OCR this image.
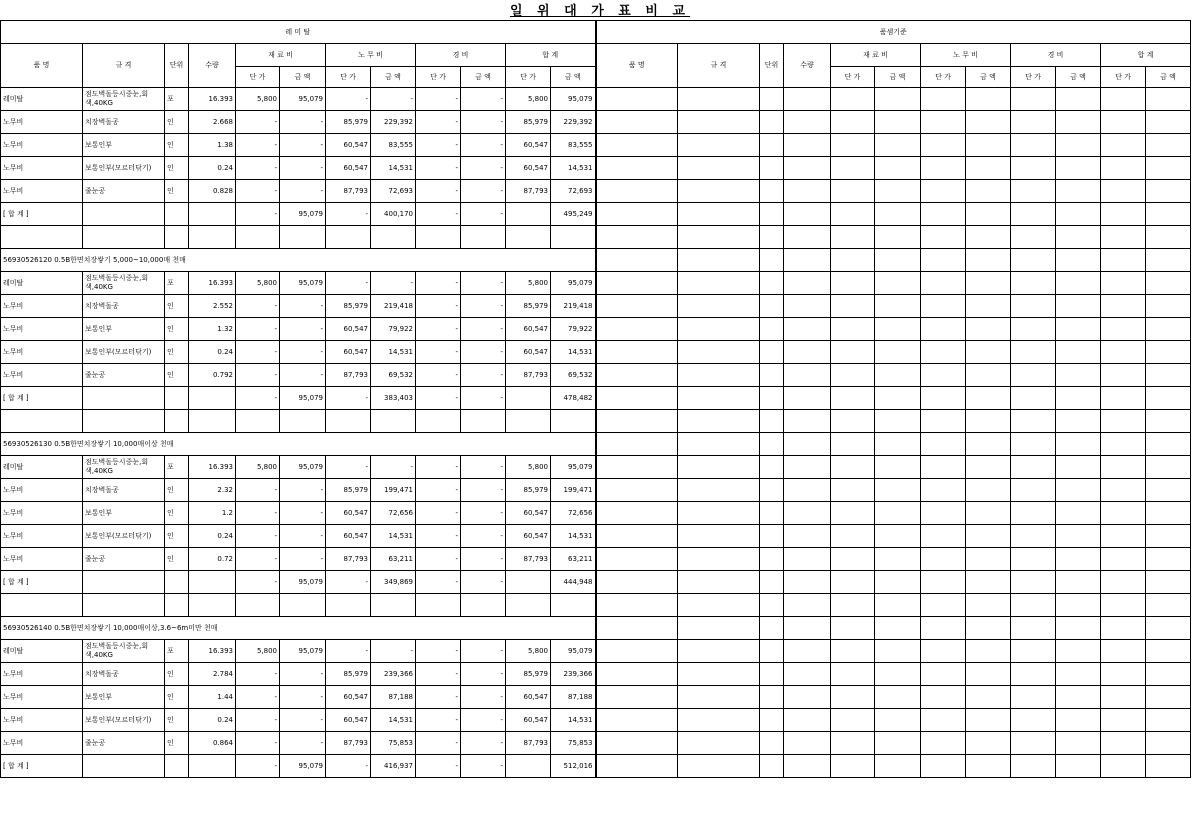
일 위 대 가 표 비 교
레 미 탈												품셈기준											
품 명	규 격	단위	수량	재 료 비		노 무 비		경 비		합 계		품 명	규 격	단위	수량	재 료 비		노 무 비		경 비		합 계	
				단 가	금 액	단 가	금 액	단 가	금 액	단 가	금 액					단 가	금 액	단 가	금 액	단 가	금 액	단 가	금 액
레미탈	점도벽돌등시중눈,회색,40KG	포	16.393	5,800	95,079	-	-	-	-	5,800	95,079												
노무비	치장벽돌공	인	2.668	-	-	85,979	229,392	-	-	85,979	229,392												
노무비	보통인부	인	1.38	-	-	60,547	83,555	-	-	60,547	83,555												
노무비	보통인부(모르터닦기)	인	0.24	-	-	60,547	14,531	-	-	60,547	14,531												
노무비	줄눈공	인	0.828	-	-	87,793	72,693	-	-	87,793	72,693												
[ 합 계 ]				-	95,079	-	400,170	-	-		495,249												

56930526120 0.5B한면치장쌓기 5,000~10,000매 천매																							
레미탈	점도벽돌등시중눈,회색,40KG	포	16.393	5,800	95,079	-	-	-	-	5,800	95,079												
노무비	치장벽돌공	인	2.552	-	-	85,979	219,418	-	-	85,979	219,418												
노무비	보통인부	인	1.32	-	-	60,547	79,922	-	-	60,547	79,922												
노무비	보통인부(모르터닦기)	인	0.24	-	-	60,547	14,531	-	-	60,547	14,531												
노무비	줄눈공	인	0.792	-	-	87,793	69,532	-	-	87,793	69,532												
[ 합 계 ]				-	95,079	-	383,403	-	-		478,482												

56930526130 0.5B한면치장쌓기 10,000매이상 천매																							
레미탈	점도벽돌등시중눈,회색,40KG	포	16.393	5,800	95,079	-	-	-	-	5,800	95,079												
노무비	치장벽돌공	인	2.32	-	-	85,979	199,471	-	-	85,979	199,471												
노무비	보통인부	인	1.2	-	-	60,547	72,656	-	-	60,547	72,656												
노무비	보통인부(모르터닦기)	인	0.24	-	-	60,547	14,531	-	-	60,547	14,531												
노무비	줄눈공	인	0.72	-	-	87,793	63,211	-	-	87,793	63,211												
[ 합 계 ]				-	95,079	-	349,869	-	-		444,948												

56930526140 0.5B한면치장쌓기 10,000매이상,3.6~6m미만 천매																							
레미탈	점도벽돌등시중눈,회색,40KG	포	16.393	5,800	95,079	-	-	-	-	5,800	95,079												
노무비	치장벽돌공	인	2.784	-	-	85,979	239,366	-	-	85,979	239,366												
노무비	보통인부	인	1.44	-	-	60,547	87,188	-	-	60,547	87,188												
노무비	보통인부(모르터닦기)	인	0.24	-	-	60,547	14,531	-	-	60,547	14,531												
노무비	줄눈공	인	0.864	-	-	87,793	75,853	-	-	87,793	75,853												
[ 합 계 ]				-	95,079	-	416,937	-	-		512,016												
